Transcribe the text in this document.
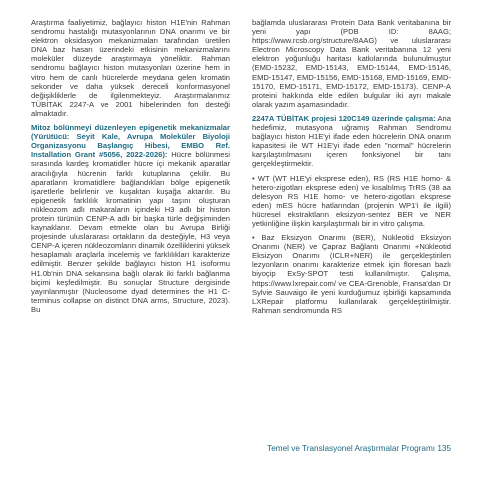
Araştırma faaliyetimiz, bağlayıcı histon H1E'nin Rahman sendromu hastalığı mutasyonlarının DNA onarımı ve bir elektron oksidasyon mekanizmaları tarafından üretilen DNA baz hasarı üzerindeki etkisinin mekanizmalarını moleküler düzeyde araştırmaya yöneliktir. Rahman sendromu bağlayıcı histon mutasyonları üzerine hem in vitro hem de canlı hücrelerde meydana gelen kromatin sekonder ve daha yüksek dereceli konformasyonel değişikliklerle de ilgilenmekteyiz. Araştırmalarımız TÜBİTAK 2247-A ve 2001 hibelerinden fon desteği almaktadır.

Mitoz bölünmeyi düzenleyen epigenetik mekanizmalar (Yürütücü: Seyit Kale, Avrupa Moleküler Biyoloji Organizasyonu Başlangıç Hibesi, EMBO Ref. Installation Grant #5056, 2022-2026): Hücre bölünmesi sırasında kardeş kromatidler hücre içi mekanik aparatlar aracılığıyla hücrenin farklı kutuplarına çekilir. Bu aparatların kromatidlere bağlandıkları bölge epigenetik işaretlerle belirlenir ve kuşaktan kuşağa aktarılır. Bu epigenetik farklılık kromatinin yapı taşını oluşturan nükleozom adlı makaraların içindeki H3 adlı bir histon protein türünün CENP-A adlı bir başka türle değişiminden kaynaklanır. Devam etmekte olan bu Avrupa Birliği projesinde uluslararası ortakların da desteğiyle, H3 veya CENP-A içeren nükleozomların dinamik özelliklerini yüksek hesaplamalı araçlarla incelemiş ve farklılıkları karakterize edilmiştir. Benzer şekilde bağlayıcı histon H1 isoformu H1.0b'nin DNA sekansına bağlı olarak iki farklı bağlanma biçimi keşfedilmiştir. Bu sonuçlar Structure dergisinde yayınlanmıştır (Nucleosome dyad determines the H1 C-terminus collapse on distinct DNA arms, Structure, 2023). Bu

bağlamda uluslararası Protein Data Bank veritabanına bir yeni yapı (PDB ID: 8AAG; https://www.rcsb.org/structure/8AAG) ve uluslararası Electron Microscopy Data Bank veritabanına 12 yeni elektron yoğunluğu haritası katkılarında bulunulmuştur (EMD-15232, EMD-15143, EMD-15144, EMD-15146, EMD-15147, EMD-15156, EMD-15168, EMD-15169, EMD-15170, EMD-15171, EMD-15172, EMD-15173). CENP-A proteini hakkında elde edilen bulgular iki ayrı makale olarak yazım aşamasındadır.

2247A TÜBİTAK projesi 120C149 üzerinde çalışma: Ana hedefimiz, mutasyona uğramış Rahman Sendromu bağlayıcı histon H1E'yi ifade eden hücrelerin DNA onarım kapasitesi ile WT H1E'yi ifade eden "normal" hücrelerin karşılaştırılmasını içeren fonksiyonel bir tanı gerçekleştirmektir.

• WT (WT H1E'yi eksprese eden), RS (RS H1E homo- & hetero-zigotları eksprese eden) ve kısaltılmış TrRS (38 aa delesyon RS H1E homo- ve hetero-zigotları eksprese eden) mES hücre hatlarından (projenin WP1'i ile ilgili) hücresel ekstraktların eksizyon-sentez BER ve NER yetkinliğine ilişkin karşılaştırmalı bir in vitro çalışma.

• Baz Eksizyon Onarımı (BER), Nükleotid Eksizyon Onarımı (NER) ve Çapraz Bağlantı Onarımı +Nükleotid Eksizyon Onarımı (ICLR+NER) ile gerçekleştirilen lezyonların onarımı karakterize etmek için floresan bazlı biyoçip ExSy-SPOT testi kullanılmıştır. Çalışma, https://www.lxrepair.com/ ve CEA-Grenoble, Fransa'dan Dr Sylvie Sauvaigo ile yeni kurduğumuz işbirliği kapsamında LXRepair platformu kullanılarak gerçekleştirilmiştir. Rahman sendromunda RS

Temel ve Translasyonel Araştırmalar Programı 135
